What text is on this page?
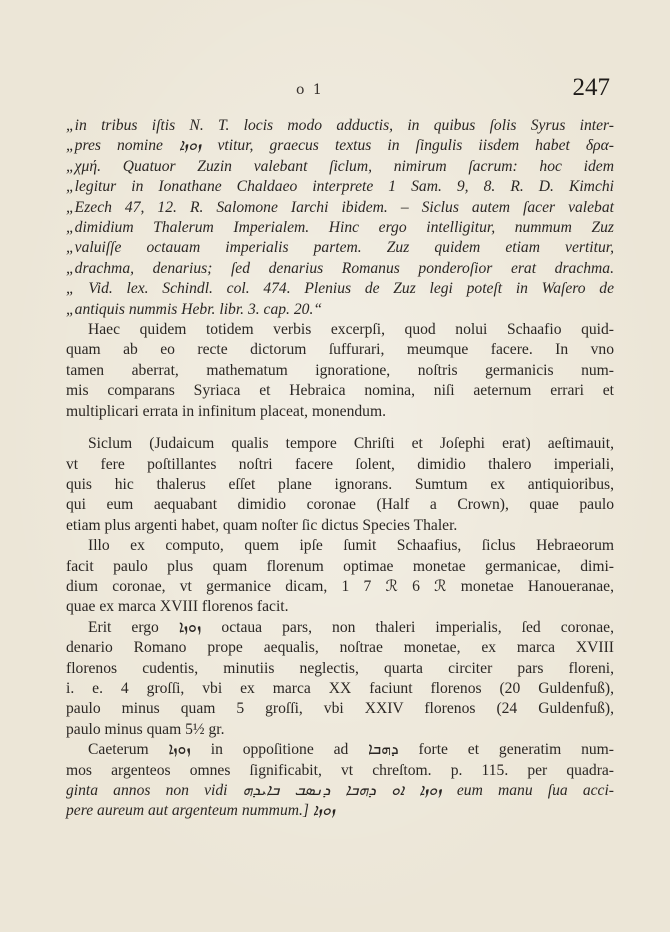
o 1	247

„in tribus iſtis N. T. locis modo adductis, in quibus ſolis Syrus inter-
„pres nomine ܙܘܙܐ vtitur, graecus textus in ſingulis iisdem habet δρα-
„χμή. Quatuor Zuzin valebant ſiclum, nimirum ſacrum: hoc idem
„legitur in Ionathane Chaldaeo interprete 1 Sam. 9, 8. R. D. Kimchi
„Ezech 47, 12. R. Salomone Iarchi ibidem. – Siclus autem ſacer valebat
„dimidium Thalerum Imperialem. Hinc ergo intelligitur, nummum Zuz
„valuiſſe octauam imperialis partem. Zuz quidem etiam vertitur,
„drachma, denarius; ſed denarius Romanus ponderoſior erat drachma.
„ Vid. lex. Schindl. col. 474. Plenius de Zuz legi poteſt in Waſero de
„antiquis nummis Hebr. libr. 3. cap. 20.“

Haec quidem totidem verbis excerpſi, quod nolui Schaafio quid-
quam ab eo recte dictorum ſuffurari, meumque facere. In vno
tamen aberrat, mathematum ignoratione, noſtris germanicis num-
mis comparans Syriaca et Hebraica nomina, niſi aeternum errari et
multiplicari errata in infinitum placeat, monendum.

Siclum (Judaicum qualis tempore Chriſti et Joſephi erat) aeſtimauit,
vt fere poſtillantes noſtri facere ſolent, dimidio thalero imperiali,
quis hic thalerus eſſet plane ignorans. Sumtum ex antiquioribus,
qui eum aequabant dimidio coronae (Half a Crown), quae paulo
etiam plus argenti habet, quam noſter ſic dictus Species Thaler.

Illo ex computo, quem ipſe ſumit Schaafius, ſiclus Hebraeorum
facit paulo plus quam florenum optimae monetae germanicae, dimi-
dium coronae, vt germanice dicam, 1 7 ℛ 6 ℛ monetae Hanoueranae,
quae ex marca XVIII florenos facit.

Erit ergo ܙܘܙܐ octaua pars, non thaleri imperialis, ſed coronae,
denario Romano prope aequalis, noſtrae monetae, ex marca XVIII
florenos cudentis, minutiis neglectis, quarta circiter pars floreni,
i. e. 4 groſſi, vbi ex marca XX faciunt florenos (20 Guldenfuß),
paulo minus quam 5 groſſi, vbi XXIV florenos (24 Guldenfuß),
paulo minus quam 5½ gr.

Caeterum ܙܘܙܐ in oppoſitione ad ܕܗܒܐ forte et generatim num-
mos argenteos omnes ſignificabit, vt chreſtom. p. 115. per quadra-
ginta annos non vidi ܙܘܙܐ ܐܘ ܕܗܒܐ ܕܢܣܒ ܒܐܝܕܗ eum manu ſua acci-
pere aureum aut argenteum nummum.] ܙܘܙܐ
